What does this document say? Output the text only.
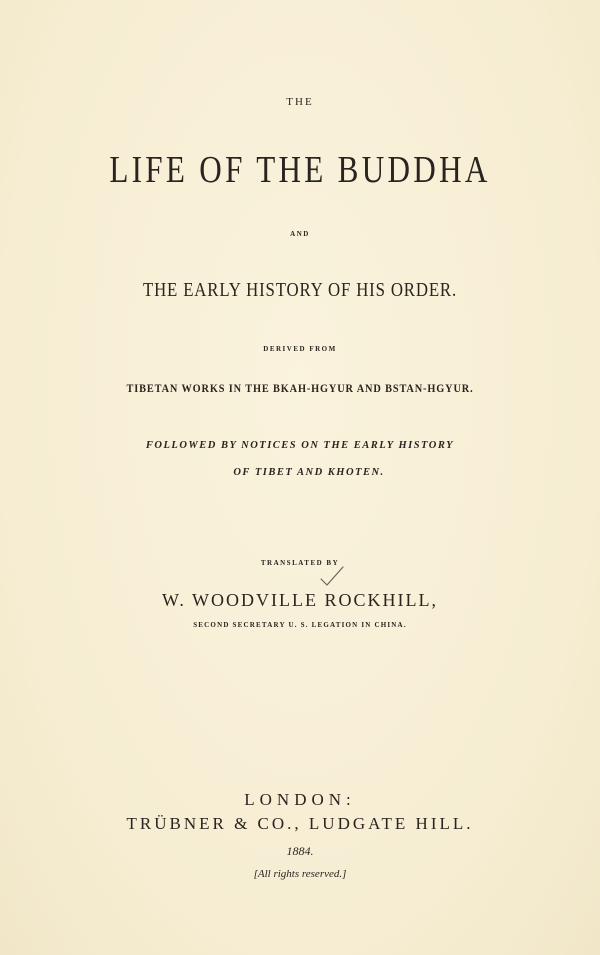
THE
LIFE OF THE BUDDHA
AND
THE EARLY HISTORY OF HIS ORDER.
DERIVED FROM
TIBETAN WORKS IN THE BKAH-HGYUR AND BSTAN-HGYUR.
FOLLOWED BY NOTICES ON THE EARLY HISTORY
OF TIBET AND KHOTEN.
TRANSLATED BY
W. WOODVILLE ROCKHILL,
SECOND SECRETARY U. S. LEGATION IN CHINA.
LONDON:
TRÜBNER & CO., LUDGATE HILL.
1884.
[All rights reserved.]
